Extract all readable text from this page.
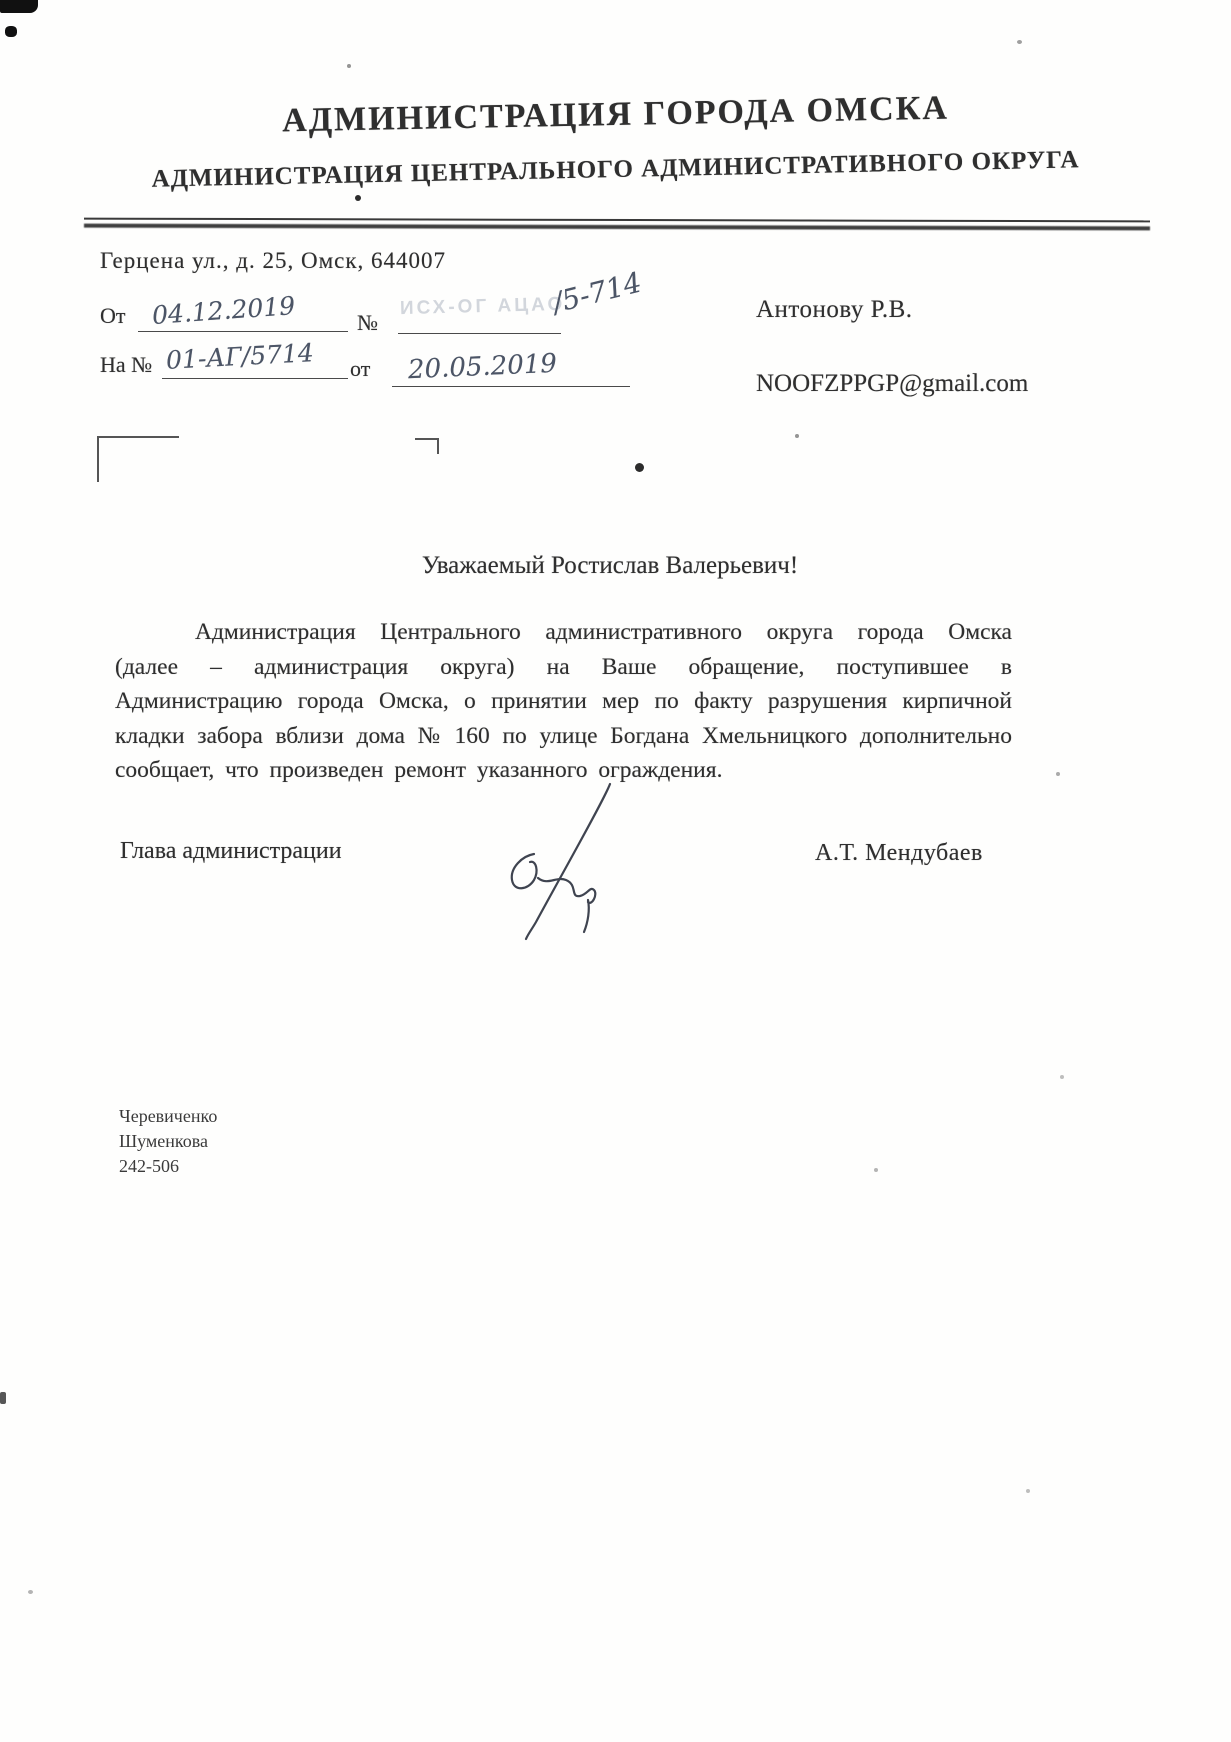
АДМИНИСТРАЦИЯ ГОРОДА ОМСКА
АДМИНИСТРАЦИЯ ЦЕНТРАЛЬНОГО АДМИНИСТРАТИВНОГО ОКРУГА
Герцена ул., д. 25, Омск, 644007
От 04.12.2019	№
ИСХ-ОГ АЦАО
/5-714
На № 01-АГ/5714 от 20.05.2019
Антонову Р.В.
NOOFZPPGP@gmail.com
Уважаемый Ростислав Валерьевич!
Администрация Центрального административного округа города Омска (далее – администрация округа) на Ваше обращение, поступившее в Администрацию города Омска, о принятии мер по факту разрушения кирпичной кладки забора вблизи дома № 160 по улице Богдана Хмельницкого дополнительно сообщает, что произведен ремонт указанного ограждения.
Глава администрации	А.Т. Мендубаев
Черевиченко
Шуменкова
242-506
